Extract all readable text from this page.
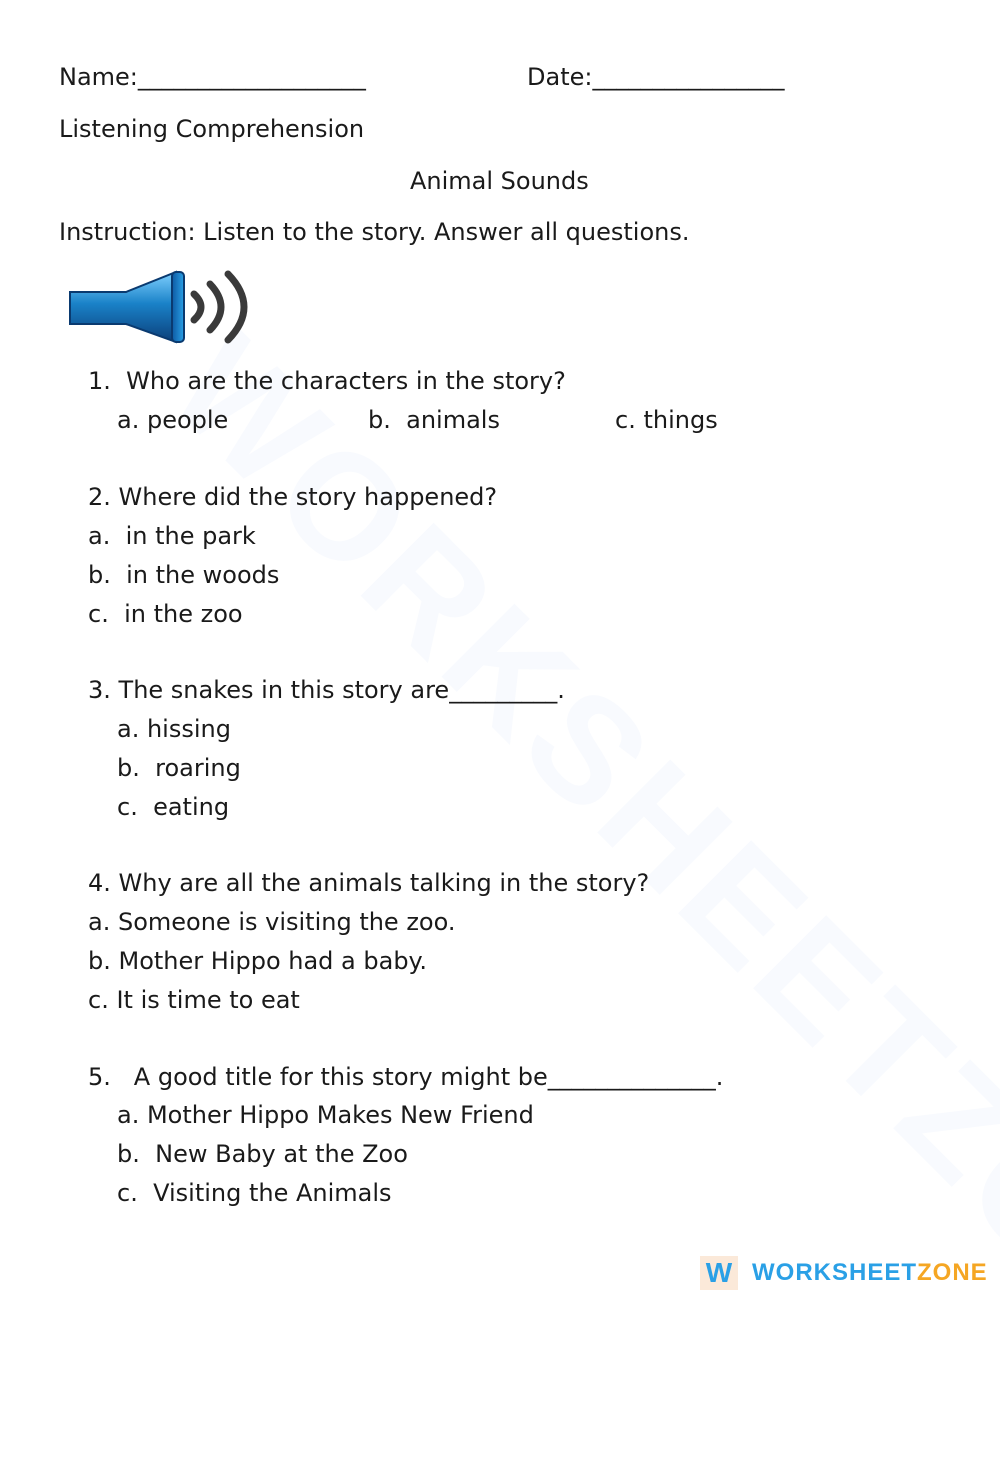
Name:___________________	Date:________________
Listening Comprehension
Animal Sounds
Instruction: Listen to the story. Answer all questions.
1.  Who are the characters in the story?
a. people	b.  animals	c. things
2. Where did the story happened?
a.  in the park
b.  in the woods
c.  in the zoo
3. The snakes in this story are_________.
a. hissing
b.  roaring
c.  eating
4. Why are all the animals talking in the story?
a. Someone is visiting the zoo.
b. Mother Hippo had a baby.
c. It is time to eat
5.   A good title for this story might be______________.
a. Mother Hippo Makes New Friend
b.  New Baby at the Zoo
c.  Visiting the Animals
W WORKSHEETZONE
